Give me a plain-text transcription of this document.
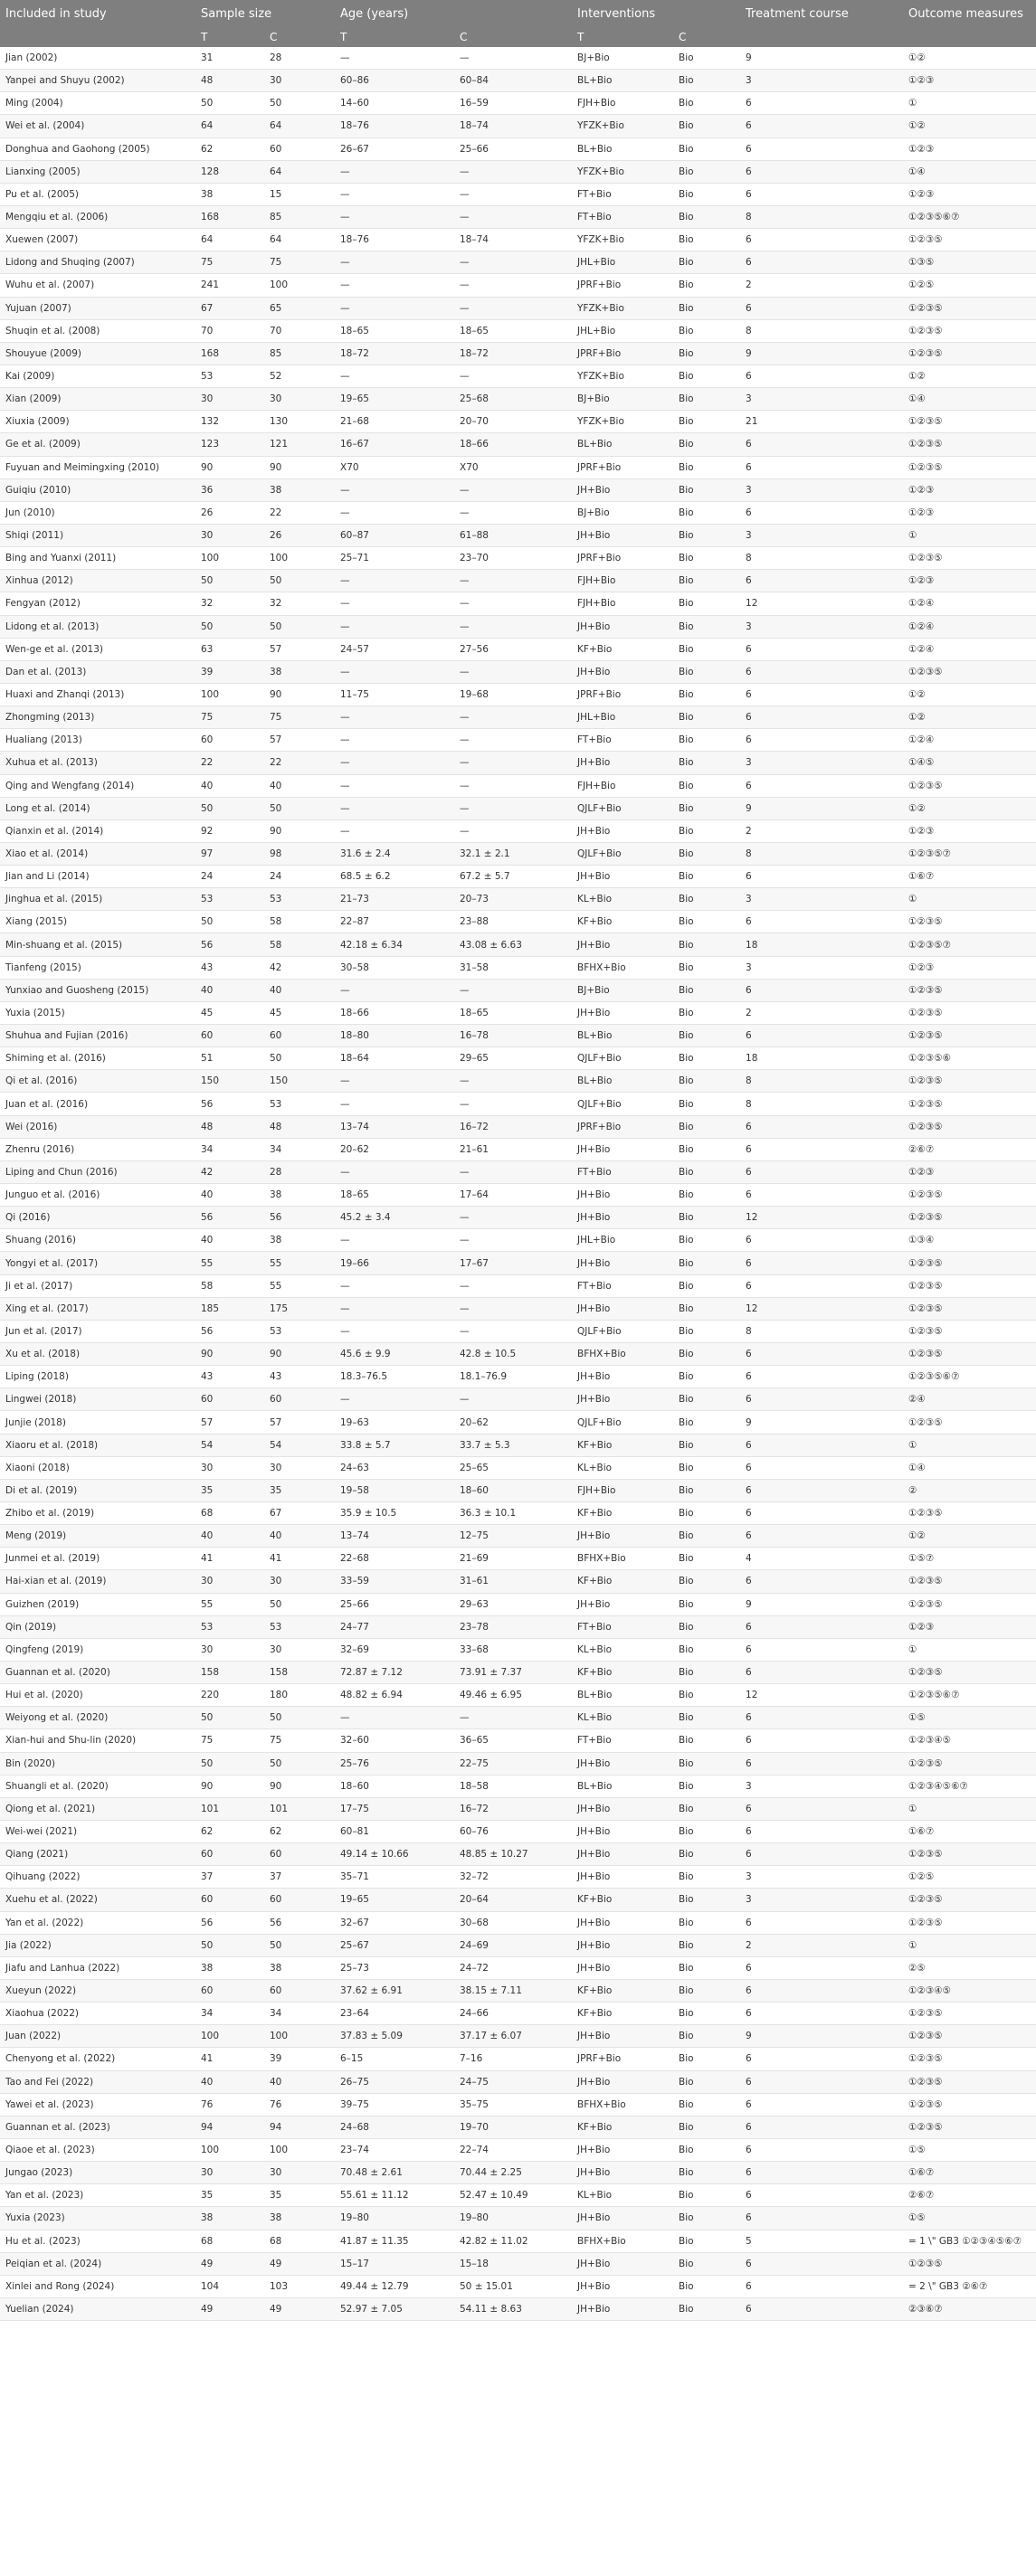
Included in study	Sample size		Age (years)		Interventions		Treatment course	Outcome measures
	T	C	T	C	T	C		
Jian (2002)	31	28	—	—	BJ+Bio	Bio	9	①②
Yanpei and Shuyu (2002)	48	30	60–86	60–84	BL+Bio	Bio	3	①②③
Ming (2004)	50	50	14–60	16–59	FJH+Bio	Bio	6	①
Wei et al. (2004)	64	64	18–76	18–74	YFZK+Bio	Bio	6	①②
Donghua and Gaohong (2005)	62	60	26–67	25–66	BL+Bio	Bio	6	①②③
Lianxing (2005)	128	64	—	—	YFZK+Bio	Bio	6	①④
Pu et al. (2005)	38	15	—	—	FT+Bio	Bio	6	①②③
Mengqiu et al. (2006)	168	85	—	—	FT+Bio	Bio	8	①②③⑤⑥⑦
Xuewen (2007)	64	64	18–76	18–74	YFZK+Bio	Bio	6	①②③⑤
Lidong and Shuqing (2007)	75	75	—	—	JHL+Bio	Bio	6	①③⑤
Wuhu et al. (2007)	241	100	—	—	JPRF+Bio	Bio	2	①②⑤
Yujuan (2007)	67	65	—	—	YFZK+Bio	Bio	6	①②③⑤
Shuqin et al. (2008)	70	70	18–65	18–65	JHL+Bio	Bio	8	①②③⑤
Shouyue (2009)	168	85	18–72	18–72	JPRF+Bio	Bio	9	①②③⑤
Kai (2009)	53	52	—	—	YFZK+Bio	Bio	6	①②
Xian (2009)	30	30	19–65	25–68	BJ+Bio	Bio	3	①④
Xiuxia (2009)	132	130	21–68	20–70	YFZK+Bio	Bio	21	①②③⑤
Ge et al. (2009)	123	121	16–67	18–66	BL+Bio	Bio	6	①②③⑤
Fuyuan and Meimingxing (2010)	90	90	X70	X70	JPRF+Bio	Bio	6	①②③⑤
Guiqiu (2010)	36	38	—	—	JH+Bio	Bio	3	①②③
Jun (2010)	26	22	—	—	BJ+Bio	Bio	6	①②③
Shiqi (2011)	30	26	60–87	61–88	JH+Bio	Bio	3	①
Bing and Yuanxi (2011)	100	100	25–71	23–70	JPRF+Bio	Bio	8	①②③⑤
Xinhua (2012)	50	50	—	—	FJH+Bio	Bio	6	①②③
Fengyan (2012)	32	32	—	—	FJH+Bio	Bio	12	①②④
Lidong et al. (2013)	50	50	—	—	JH+Bio	Bio	3	①②④
Wen-ge et al. (2013)	63	57	24–57	27–56	KF+Bio	Bio	6	①②④
Dan et al. (2013)	39	38	—	—	JH+Bio	Bio	6	①②③⑤
Huaxi and Zhanqi (2013)	100	90	11–75	19–68	JPRF+Bio	Bio	6	①②
Zhongming (2013)	75	75	—	—	JHL+Bio	Bio	6	①②
Hualiang (2013)	60	57	—	—	FT+Bio	Bio	6	①②④
Xuhua et al. (2013)	22	22	—	—	JH+Bio	Bio	3	①④⑤
Qing and Wengfang (2014)	40	40	—	—	FJH+Bio	Bio	6	①②③⑤
Long et al. (2014)	50	50	—	—	QJLF+Bio	Bio	9	①②
Qianxin et al. (2014)	92	90	—	—	JH+Bio	Bio	2	①②③
Xiao et al. (2014)	97	98	31.6 ± 2.4	32.1 ± 2.1	QJLF+Bio	Bio	8	①②③⑤⑦
Jian and Li (2014)	24	24	68.5 ± 6.2	67.2 ± 5.7	JH+Bio	Bio	6	①⑥⑦
Jinghua et al. (2015)	53	53	21–73	20–73	KL+Bio	Bio	3	①
Xiang (2015)	50	58	22–87	23–88	KF+Bio	Bio	6	①②③⑤
Min-shuang et al. (2015)	56	58	42.18 ± 6.34	43.08 ± 6.63	JH+Bio	Bio	18	①②③⑤⑦
Tianfeng (2015)	43	42	30–58	31–58	BFHX+Bio	Bio	3	①②③
Yunxiao and Guosheng (2015)	40	40	—	—	BJ+Bio	Bio	6	①②③⑤
Yuxia (2015)	45	45	18–66	18–65	JH+Bio	Bio	2	①②③⑤
Shuhua and Fujian (2016)	60	60	18–80	16–78	BL+Bio	Bio	6	①②③⑤
Shiming et al. (2016)	51	50	18–64	29–65	QJLF+Bio	Bio	18	①②③⑤⑥
Qi et al. (2016)	150	150	—	—	BL+Bio	Bio	8	①②③⑤
Juan et al. (2016)	56	53	—	—	QJLF+Bio	Bio	8	①②③⑤
Wei (2016)	48	48	13–74	16–72	JPRF+Bio	Bio	6	①②③⑤
Zhenru (2016)	34	34	20–62	21–61	JH+Bio	Bio	6	②⑥⑦
Liping and Chun (2016)	42	28	—	—	FT+Bio	Bio	6	①②③
Junguo et al. (2016)	40	38	18–65	17–64	JH+Bio	Bio	6	①②③⑤
Qi (2016)	56	56	45.2 ± 3.4	—	JH+Bio	Bio	12	①②③⑤
Shuang (2016)	40	38	—	—	JHL+Bio	Bio	6	①③④
Yongyi et al. (2017)	55	55	19–66	17–67	JH+Bio	Bio	6	①②③⑤
Ji et al. (2017)	58	55	—	—	FT+Bio	Bio	6	①②③⑤
Xing et al. (2017)	185	175	—	—	JH+Bio	Bio	12	①②③⑤
Jun et al. (2017)	56	53	—	—	QJLF+Bio	Bio	8	①②③⑤
Xu et al. (2018)	90	90	45.6 ± 9.9	42.8 ± 10.5	BFHX+Bio	Bio	6	①②③⑤
Liping (2018)	43	43	18.3–76.5	18.1–76.9	JH+Bio	Bio	6	①②③⑤⑥⑦
Lingwei (2018)	60	60	—	—	JH+Bio	Bio	6	②④
Junjie (2018)	57	57	19–63	20–62	QJLF+Bio	Bio	9	①②③⑤
Xiaoru et al. (2018)	54	54	33.8 ± 5.7	33.7 ± 5.3	KF+Bio	Bio	6	①
Xiaoni (2018)	30	30	24–63	25–65	KL+Bio	Bio	6	①④
Di et al. (2019)	35	35	19–58	18–60	FJH+Bio	Bio	6	②
Zhibo et al. (2019)	68	67	35.9 ± 10.5	36.3 ± 10.1	KF+Bio	Bio	6	①②③⑤
Meng (2019)	40	40	13–74	12–75	JH+Bio	Bio	6	①②
Junmei et al. (2019)	41	41	22–68	21–69	BFHX+Bio	Bio	4	①⑤⑦
Hai-xian et al. (2019)	30	30	33–59	31–61	KF+Bio	Bio	6	①②③⑤
Guizhen (2019)	55	50	25–66	29–63	JH+Bio	Bio	9	①②③⑤
Qin (2019)	53	53	24–77	23–78	FT+Bio	Bio	6	①②③
Qingfeng (2019)	30	30	32–69	33–68	KL+Bio	Bio	6	①
Guannan et al. (2020)	158	158	72.87 ± 7.12	73.91 ± 7.37	KF+Bio	Bio	6	①②③⑤
Hui et al. (2020)	220	180	48.82 ± 6.94	49.46 ± 6.95	BL+Bio	Bio	12	①②③⑤⑥⑦
Weiyong et al. (2020)	50	50	—	—	KL+Bio	Bio	6	①⑤
Xian-hui and Shu-lin (2020)	75	75	32–60	36–65	FT+Bio	Bio	6	①②③④⑤
Bin (2020)	50	50	25–76	22–75	JH+Bio	Bio	6	①②③⑤
Shuangli et al. (2020)	90	90	18–60	18–58	BL+Bio	Bio	3	①②③④⑤⑥⑦
Qiong et al. (2021)	101	101	17–75	16–72	JH+Bio	Bio	6	①
Wei-wei (2021)	62	62	60–81	60–76	JH+Bio	Bio	6	①⑥⑦
Qiang (2021)	60	60	49.14 ± 10.66	48.85 ± 10.27	JH+Bio	Bio	6	①②③⑤
Qihuang (2022)	37	37	35–71	32–72	JH+Bio	Bio	3	①②⑤
Xuehu et al. (2022)	60	60	19–65	20–64	KF+Bio	Bio	3	①②③⑤
Yan et al. (2022)	56	56	32–67	30–68	JH+Bio	Bio	6	①②③⑤
Jia (2022)	50	50	25–67	24–69	JH+Bio	Bio	2	①
Jiafu and Lanhua (2022)	38	38	25–73	24–72	JH+Bio	Bio	6	②⑤
Xueyun (2022)	60	60	37.62 ± 6.91	38.15 ± 7.11	KF+Bio	Bio	6	①②③④⑤
Xiaohua (2022)	34	34	23–64	24–66	KF+Bio	Bio	6	①②③⑤
Juan (2022)	100	100	37.83 ± 5.09	37.17 ± 6.07	JH+Bio	Bio	9	①②③⑤
Chenyong et al. (2022)	41	39	6–15	7–16	JPRF+Bio	Bio	6	①②③⑤
Tao and Fei (2022)	40	40	26–75	24–75	JH+Bio	Bio	6	①②③⑤
Yawei et al. (2023)	76	76	39–75	35–75	BFHX+Bio	Bio	6	①②③⑤
Guannan et al. (2023)	94	94	24–68	19–70	KF+Bio	Bio	6	①②③⑤
Qiaoe et al. (2023)	100	100	23–74	22–74	JH+Bio	Bio	6	①⑤
Jungao (2023)	30	30	70.48 ± 2.61	70.44 ± 2.25	JH+Bio	Bio	6	①⑥⑦
Yan et al. (2023)	35	35	55.61 ± 11.12	52.47 ± 10.49	KL+Bio	Bio	6	②⑥⑦
Yuxia (2023)	38	38	19–80	19–80	JH+Bio	Bio	6	①⑤
Hu et al. (2023)	68	68	41.87 ± 11.35	42.82 ± 11.02	BFHX+Bio	Bio	5	= 1 \" GB3 ①②③④⑤⑥⑦
Peiqian et al. (2024)	49	49	15–17	15–18	JH+Bio	Bio	6	①②③⑤
Xinlei and Rong (2024)	104	103	49.44 ± 12.79	50 ± 15.01	JH+Bio	Bio	6	= 2 \" GB3 ②⑥⑦
Yuelian (2024)	49	49	52.97 ± 7.05	54.11 ± 8.63	JH+Bio	Bio	6	②③⑥⑦
